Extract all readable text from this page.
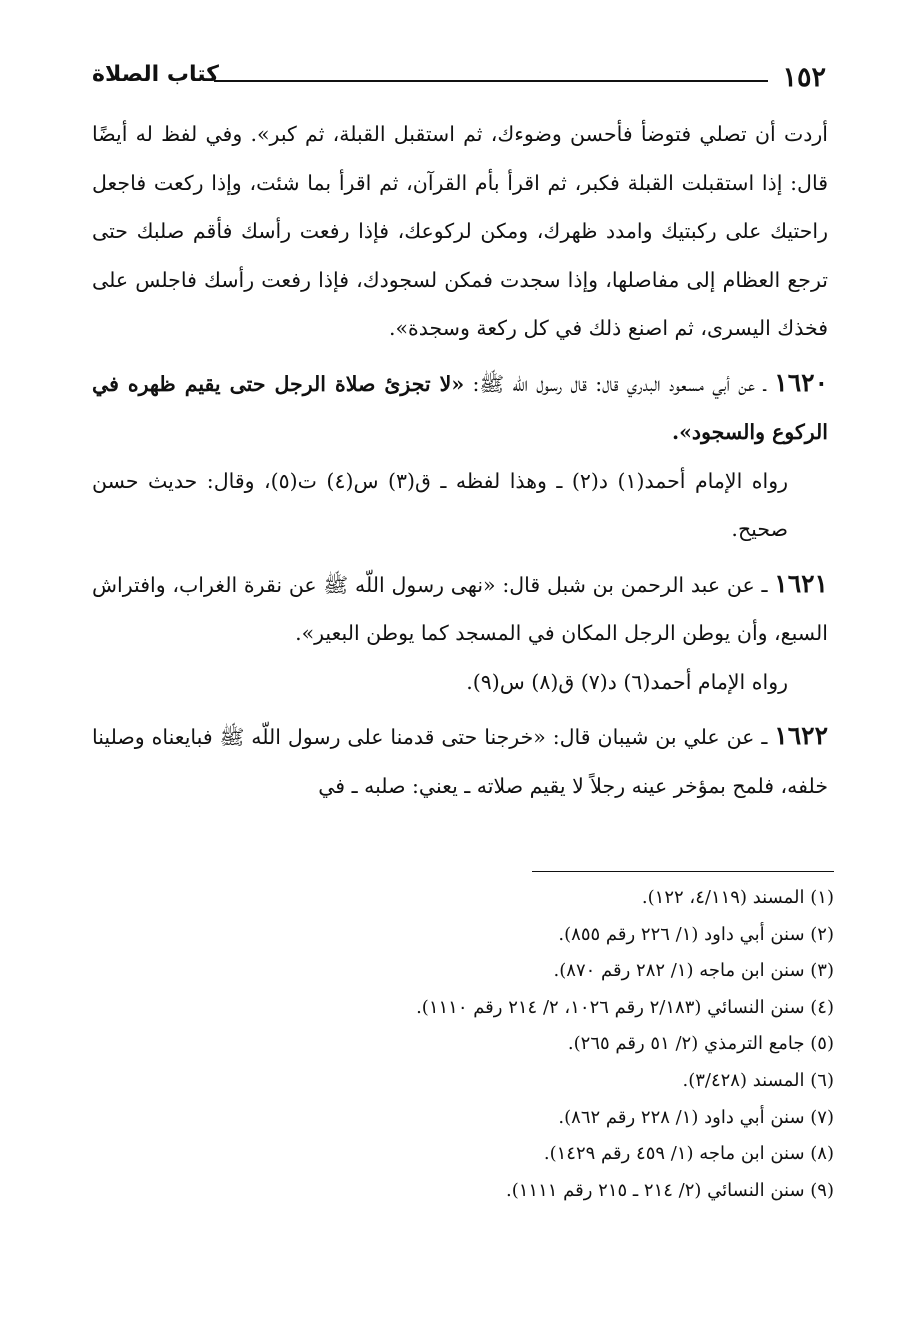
١٥٢
كتاب الصلاة

أردت أن تصلي فتوضأ فأحسن وضوءك، ثم استقبل القبلة، ثم كبر». وفي لفظ له أيضًا قال: إذا استقبلت القبلة فكبر، ثم اقرأ بأم القرآن، ثم اقرأ بما شئت، وإذا ركعت فاجعل راحتيك على ركبتيك وامدد ظهرك، ومكن لركوعك، فإذا رفعت رأسك فأقم صلبك حتى ترجع العظام إلى مفاصلها، وإذا سجدت فمكن لسجودك، فإذا رفعت رأسك فاجلس على فخذك اليسرى، ثم اصنع ذلك في كل ركعة وسجدة».

١٦٢٠ ـ عن أبي مسعود البدري قال: قال رسول اللّه ﷺ: «لا تجزئ صلاة الرجل حتى يقيم ظهره في الركوع والسجود».

رواه الإمام أحمد(١) د(٢) ـ وهذا لفظه ـ ق(٣) س(٤) ت(٥)، وقال: حديث حسن صحيح.

١٦٢١ ـ عن عبد الرحمن بن شبل قال: «نهى رسول اللّه ﷺ عن نقرة الغراب، وافتراش السبع، وأن يوطن الرجل المكان في المسجد كما يوطن البعير».

رواه الإمام أحمد(٦) د(٧) ق(٨) س(٩).

١٦٢٢ ـ عن علي بن شيبان قال: «خرجنا حتى قدمنا على رسول اللّه ﷺ فبايعناه وصلينا خلفه، فلمح بمؤخر عينه رجلاً لا يقيم صلاته ـ يعني: صلبه ـ في

(١) المسند (٤/١١٩، ١٢٢).
(٢) سنن أبي داود (١/ ٢٢٦ رقم ٨٥٥).
(٣) سنن ابن ماجه (١/ ٢٨٢ رقم ٨٧٠).
(٤) سنن النسائي (٢/١٨٣ رقم ١٠٢٦، ٢/ ٢١٤ رقم ١١١٠).
(٥) جامع الترمذي (٢/ ٥١ رقم ٢٦٥).
(٦) المسند (٣/٤٢٨).
(٧) سنن أبي داود (١/ ٢٢٨ رقم ٨٦٢).
(٨) سنن ابن ماجه (١/ ٤٥٩ رقم ١٤٢٩).
(٩) سنن النسائي (٢/ ٢١٤ ـ ٢١٥ رقم ١١١١).
